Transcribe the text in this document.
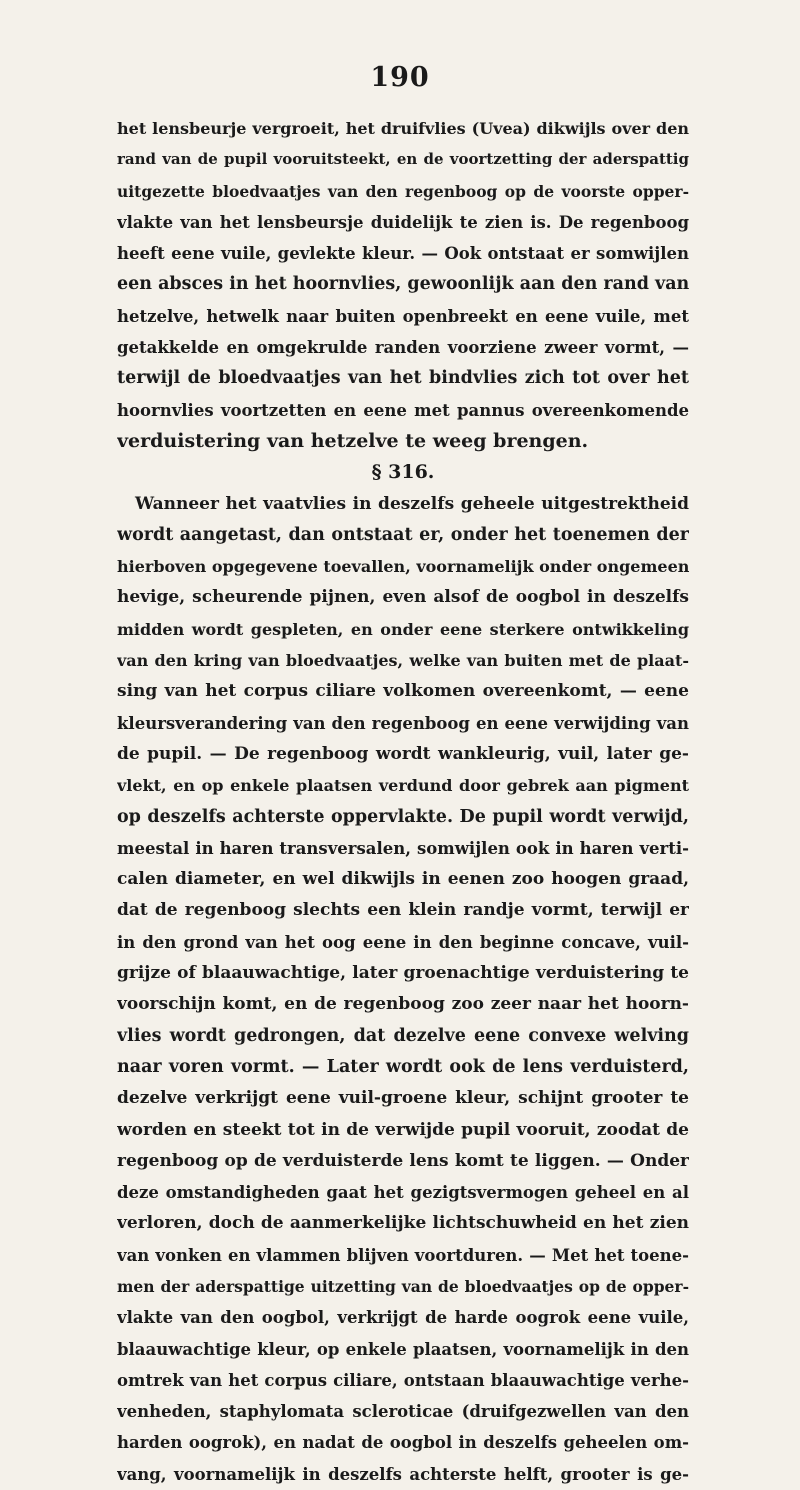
190
het lensbeurje vergroeit, het druifvlies (Uvea) dikwijls over den
rand van de pupil vooruitsteekt, en de voortzetting der aderspattig
uitgezette bloedvaatjes van den regenboog op de voorste opper-
vlakte van het lensbeursje duidelijk te zien is. De regenboog
heeft eene vuile, gevlekte kleur. — Ook ontstaat er somwijlen
een absces in het hoornvlies, gewoonlijk aan den rand van
hetzelve, hetwelk naar buiten openbreekt en eene vuile, met
getakkelde en omgekrulde randen voorziene zweer vormt, —
terwijl de bloedvaatjes van het bindvlies zich tot over het
hoornvlies voortzetten en eene met pannus overeenkomende
verduistering van hetzelve te weeg brengen.
§ 316.
Wanneer het vaatvlies in deszelfs geheele uitgestrektheid
wordt aangetast, dan ontstaat er, onder het toenemen der
hierboven opgegevene toevallen, voornamelijk onder ongemeen
hevige, scheurende pijnen, even alsof de oogbol in deszelfs
midden wordt gespleten, en onder eene sterkere ontwikkeling
van den kring van bloedvaatjes, welke van buiten met de plaat-
sing van het corpus ciliare volkomen overeenkomt, — eene
kleursverandering van den regenboog en eene verwijding van
de pupil. — De regenboog wordt wankleurig, vuil, later ge-
vlekt, en op enkele plaatsen verdund door gebrek aan pigment
op deszelfs achterste oppervlakte. De pupil wordt verwijd,
meestal in haren transversalen, somwijlen ook in haren verti-
calen diameter, en wel dikwijls in eenen zoo hoogen graad,
dat de regenboog slechts een klein randje vormt, terwijl er
in den grond van het oog eene in den beginne concave, vuil-
grijze of blaauwachtige, later groenachtige verduistering te
voorschijn komt, en de regenboog zoo zeer naar het hoorn-
vlies wordt gedrongen, dat dezelve eene convexe welving
naar voren vormt. — Later wordt ook de lens verduisterd,
dezelve verkrijgt eene vuil-groene kleur, schijnt grooter te
worden en steekt tot in de verwijde pupil vooruit, zoodat de
regenboog op de verduisterde lens komt te liggen. — Onder
deze omstandigheden gaat het gezigtsvermogen geheel en al
verloren, doch de aanmerkelijke lichtschuwheid en het zien
van vonken en vlammen blijven voortduren. — Met het toene-
men der aderspattige uitzetting van de bloedvaatjes op de opper-
vlakte van den oogbol, verkrijgt de harde oogrok eene vuile,
blaauwachtige kleur, op enkele plaatsen, voornamelijk in den
omtrek van het corpus ciliare, ontstaan blaauwachtige verhe-
venheden, staphylomata scleroticae (druifgezwellen van den
harden oogrok), en nadat de oogbol in deszelfs geheelen om-
vang, voornamelijk in deszelfs achterste helft, grooter is ge-
